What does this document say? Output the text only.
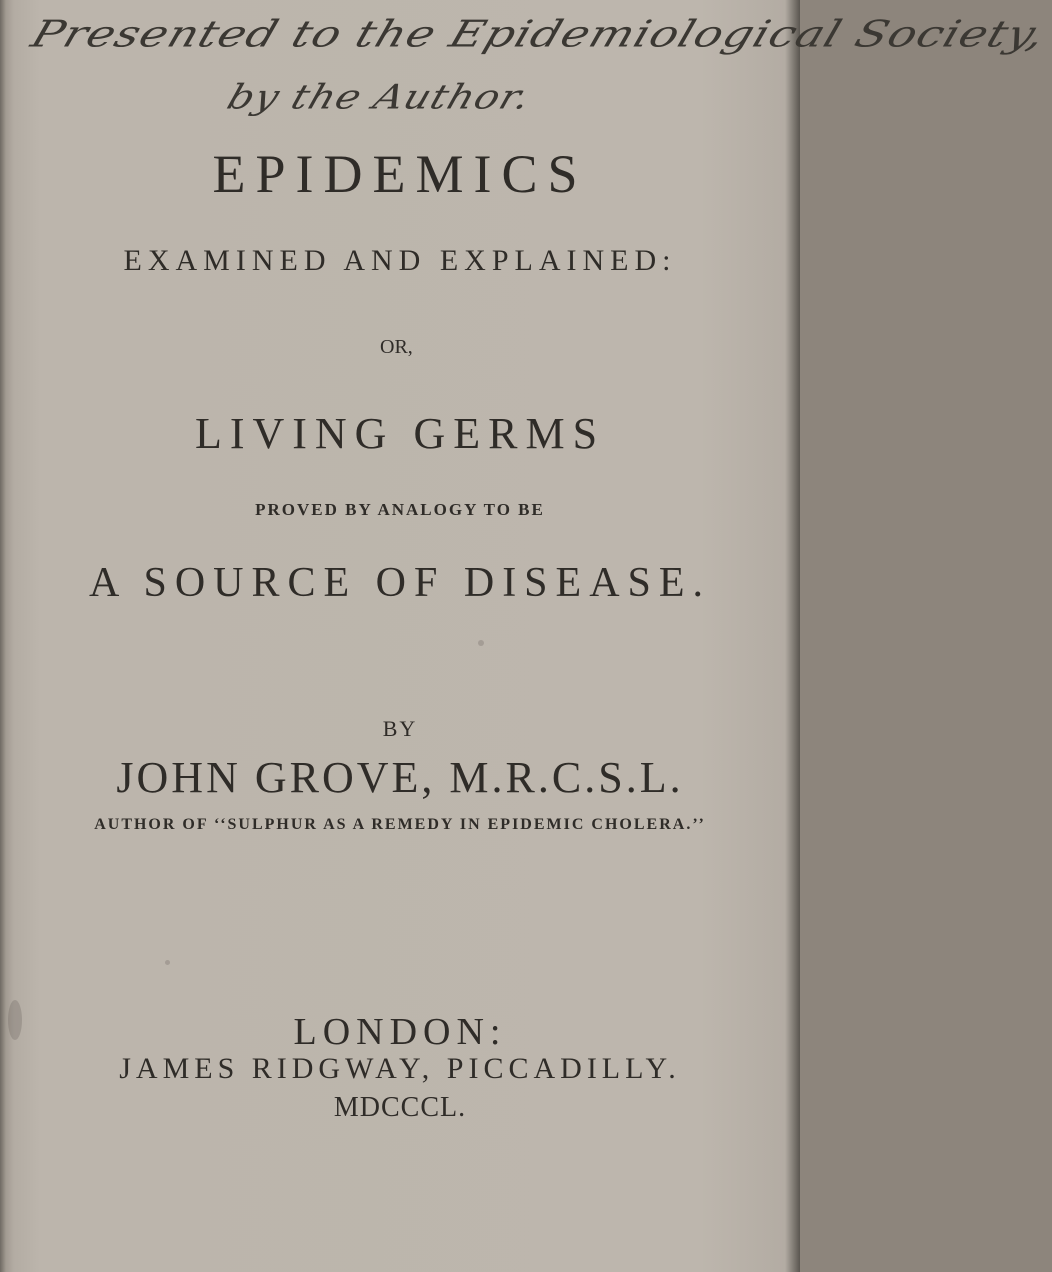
Presented to the Epidemiological Society,
by the Author.
EPIDEMICS
EXAMINED AND EXPLAINED:
OR,
LIVING GERMS
PROVED BY ANALOGY TO BE
A SOURCE OF DISEASE.
BY
JOHN GROVE, M.R.C.S.L.
AUTHOR OF ‘‘SULPHUR AS A REMEDY IN EPIDEMIC CHOLERA.’’
LONDON:
JAMES RIDGWAY, PICCADILLY.
MDCCCL.
